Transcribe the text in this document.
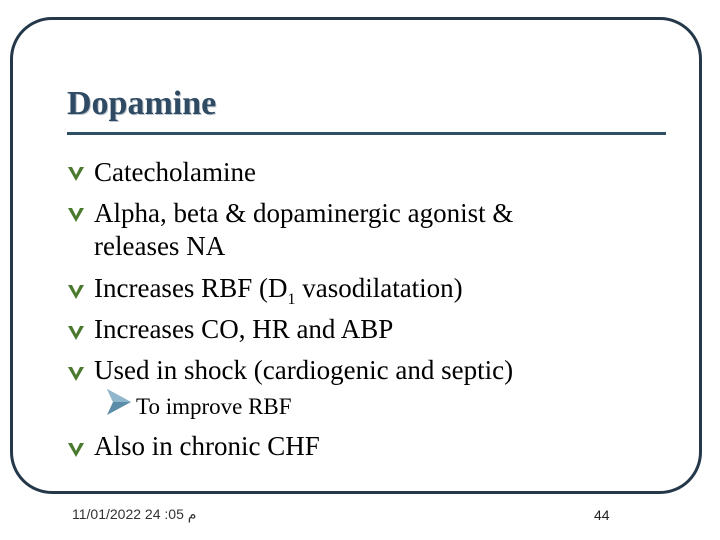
Dopamine
Catecholamine
Alpha, beta & dopaminergic agonist &
releases NA
Increases RBF ($D_1$ vasodilatation)
Increases CO, HR and ABP
Used in shock (cardiogenic and septic)
To improve RBF
Also in chronic CHF
م 05: 24 11/01/2022	44
